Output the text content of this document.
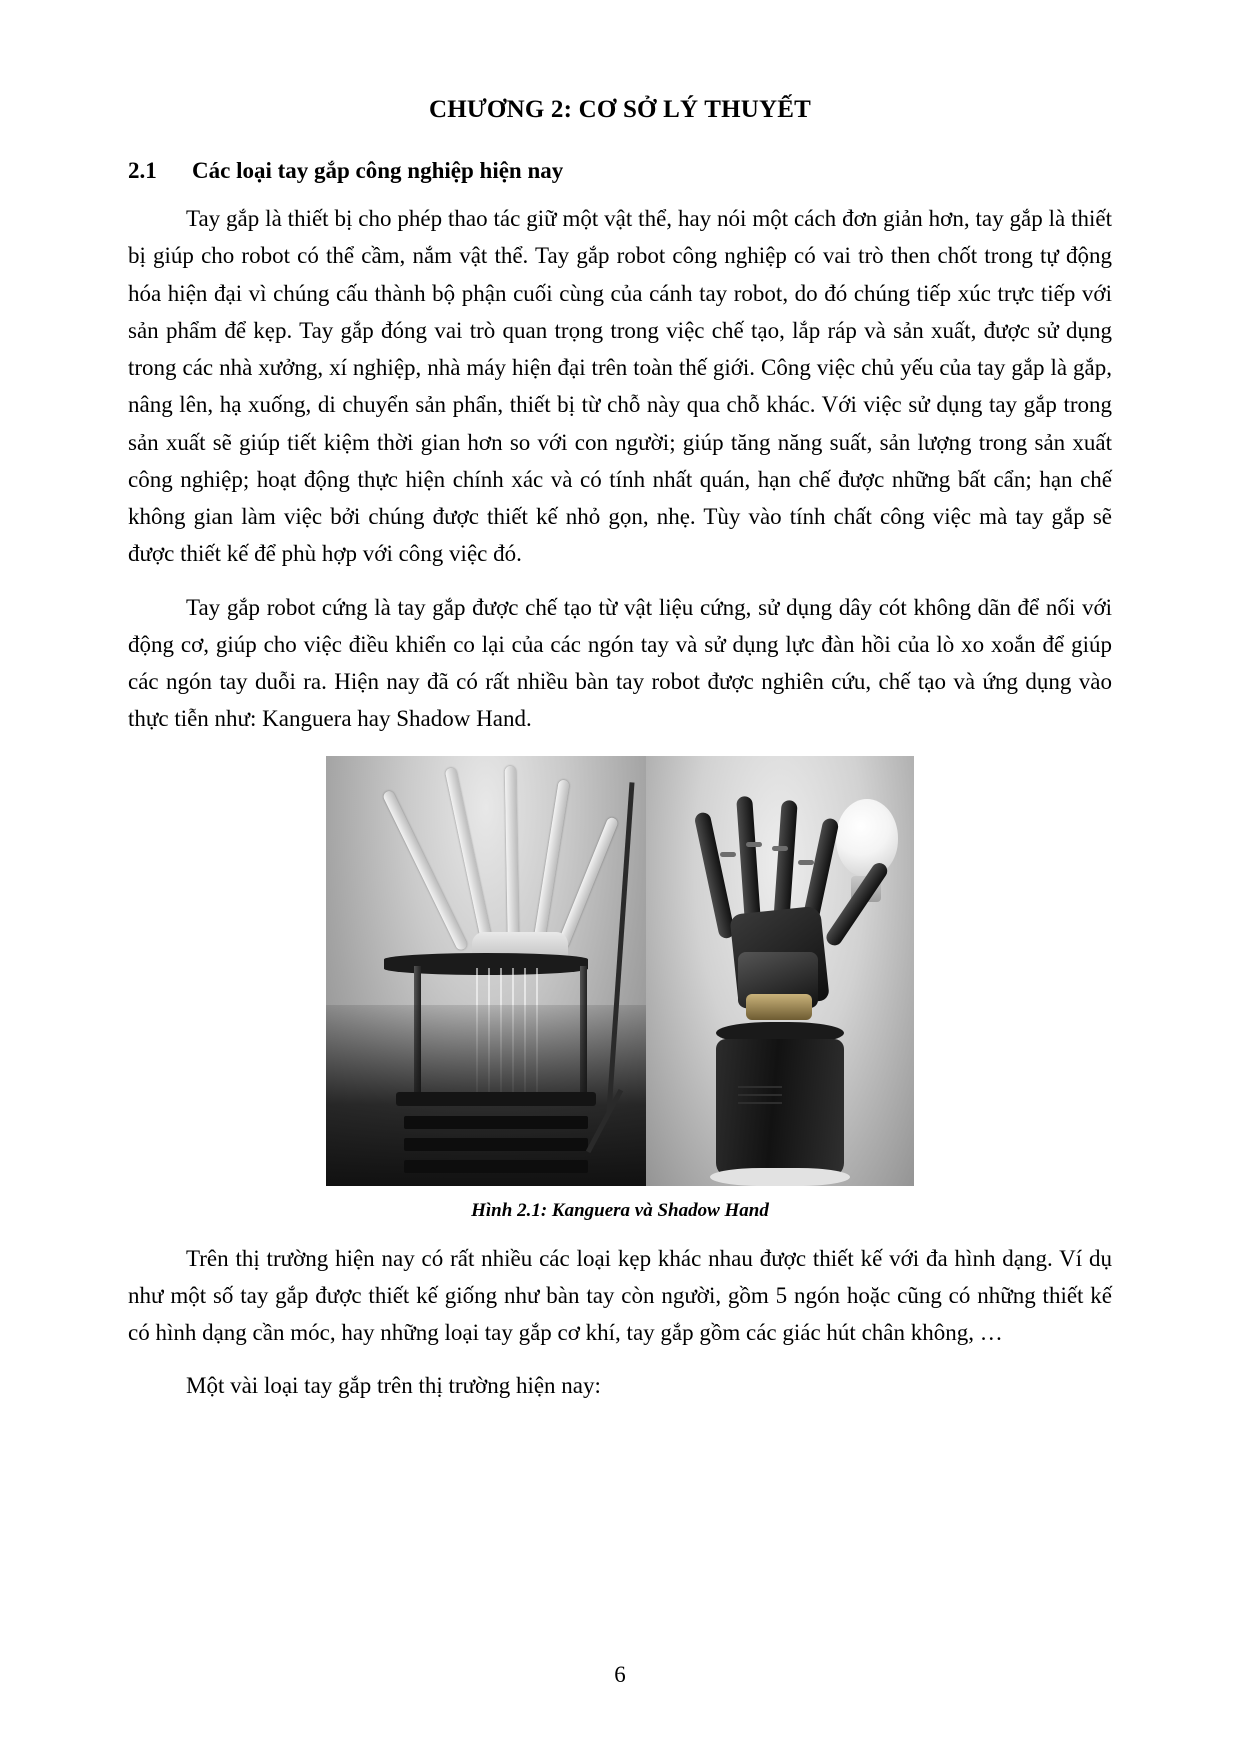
CHƯƠNG 2: CƠ SỞ LÝ THUYẾT
2.1	Các loại tay gắp công nghiệp hiện nay

Tay gắp là thiết bị cho phép thao tác giữ một vật thể, hay nói một cách đơn giản hơn, tay gắp là thiết bị giúp cho robot có thể cầm, nắm vật thể. Tay gắp robot công nghiệp có vai trò then chốt trong tự động hóa hiện đại vì chúng cấu thành bộ phận cuối cùng của cánh tay robot, do đó chúng tiếp xúc trực tiếp với sản phẩm để kẹp. Tay gắp đóng vai trò quan trọng trong việc chế tạo, lắp ráp và sản xuất, được sử dụng trong các nhà xưởng, xí nghiệp, nhà máy hiện đại trên toàn thế giới. Công việc chủ yếu của tay gắp là gắp, nâng lên, hạ xuống, di chuyển sản phẩn, thiết bị từ chỗ này qua chỗ khác. Với việc sử dụng tay gắp trong sản xuất sẽ giúp tiết kiệm thời gian hơn so với con người; giúp tăng năng suất, sản lượng trong sản xuất công nghiệp; hoạt động thực hiện chính xác và có tính nhất quán, hạn chế được những bất cẩn; hạn chế không gian làm việc bởi chúng được thiết kế nhỏ gọn, nhẹ. Tùy vào tính chất công việc mà tay gắp sẽ được thiết kế để phù hợp với công việc đó.

Tay gắp robot cứng là tay gắp được chế tạo từ vật liệu cứng, sử dụng dây cót không dãn để nối với động cơ, giúp cho việc điều khiển co lại của các ngón tay và sử dụng lực đàn hồi của lò xo xoắn để giúp các ngón tay duỗi ra. Hiện nay đã có rất nhiều bàn tay robot được nghiên cứu, chế tạo và ứng dụng vào thực tiễn như: Kanguera hay Shadow Hand.

Hình 2.1: Kanguera và Shadow Hand

Trên thị trường hiện nay có rất nhiều các loại kẹp khác nhau được thiết kế với đa hình dạng. Ví dụ như một số tay gắp được thiết kế giống như bàn tay còn người, gồm 5 ngón hoặc cũng có những thiết kế có hình dạng cần móc, hay những loại tay gắp cơ khí, tay gắp gồm các giác hút chân không, …

Một vài loại tay gắp trên thị trường hiện nay:

6
